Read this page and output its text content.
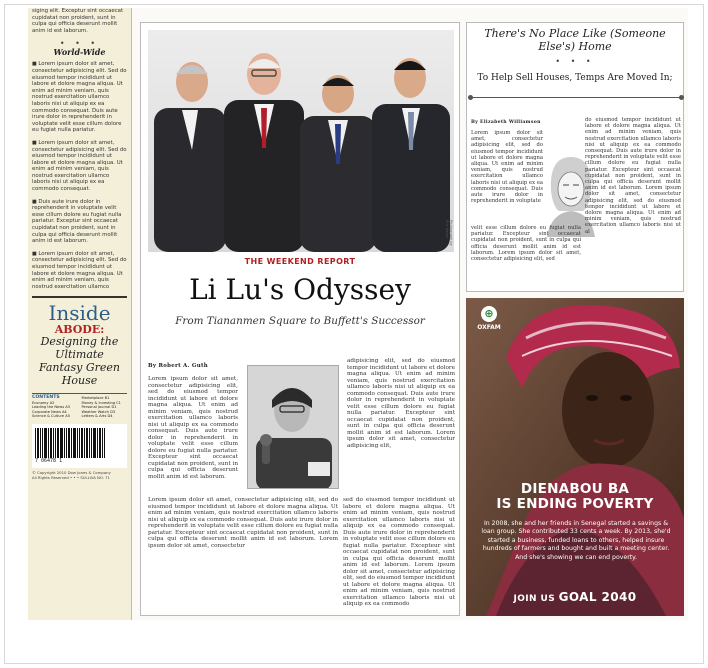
siging elit. Exceptur sint occaecat cupidatat non proident, sunt in culpa qui officia deserunt mollit anim id est laborum.
• • •
World-Wide
■ Lorem ipsum dolor sit amet, consectetur adipisicing elit. Sed do eiusmod tempor incididunt ut labore et dolore magna aliqua. Ut enim ad minim veniam, quis nostrud exercitation ullamco laboris nisi ut aliquip ex ea commodo consequat. Duis aute irure dolor in reprehenderit in voluptate velit esse cillum dolore eu fugiat nulla pariatur.
■ Lorem ipsum dolor sit amet, consectetur adipisicing elit. Sed do eiusmod tempor incididunt ut labore et dolore magna aliqua. Ut enim ad minim veniam, quis nostrud exercitation ullamco laboris nisi ut aliquip ex ea commodo consequat.
■ Duis aute irure dolor in reprehenderit in voluptate velit esse cillum dolore eu fugiat nulla pariatur. Exceptur sint occaecat cupidatat non proident, sunt in culpa qui officia deserunt mollit anim id est laborum.
■ Lorem ipsum dolor sit amet, consectetur adipisicing elit. Sed do eiusmod tempor incididunt ut labore et dolore magna aliqua. Ut enim ad minim veniam, quis nostrud exercitation ullamco
Inside
ABODE:
Designing the Ultimate Fantasy Green House
CONTENTS
Economy A2
Leading the News A3
Corporate News A4
Science & Culture A5
Marketplace B1
Money & Investing C1
Personal Journal D1
Weather Watch D3
Letters & Arts D4
7 06478 1
© Copyright 2010 Dow Jones & Company
All Rights Reserved • • • SULLIVA NO. 71
Photograph by Eric Kaiser
THE WEEKEND REPORT
Li Lu's Odyssey
From Tiananmen Square to Buffett's Successor
By Robert A. Guth
Lorem ipsum dolor sit amet, consectetur adipisicing elit, sed do eiusmod tempor incididunt ut labore et dolore magna aliqua. Ut enim ad minim veniam, quis nostrud exercitation ullamco laboris nisi ut aliquip ex ea commodo consequat. Duis aute irure dolor in reprehenderit in voluptate velit esse cillum dolore eu fugiat nulla pariatur. Excepteur sint occaecat cupidatat non proident, sunt in culpa qui officia deserunt mollit anim id est laborum.
adipisicing elit, sed do eiusmod tempor incididunt ut labore et dolore magna aliqua. Ut enim ad minim veniam, quis nostrud exercitation ullamco laboris nisi ut aliquip ex ea commodo consequat. Duis aute irure dolor in reprehenderit in voluptate velit esse cillum dolore eu fugiat nulla pariatur. Excepteur sint occaecat cupidatat non proident, sunt in culpa qui officia deserunt mollit anim id est laborum. Lorem ipsum dolor sit amet, consectetur adipisicing elit,
Lorem ipsum dolor sit amet, consectetur adipisicing elit, sed do eiusmod tempor incididunt ut labore et dolore magna aliqua. Ut enim ad minim veniam, quis nostrud exercitation ullamco laboris nisi ut aliquip ex ea commodo consequat. Duis aute irure dolor in reprehenderit in voluptate velit esse cillum dolore eu fugiat nulla pariatur. Excepteur sint occaecat cupidatat non proident, sunt in culpa qui officia deserunt mollit anim id est laborum. Lorem ipsum dolor sit amet, consectetur
sed do eiusmod tempor incididunt ut labore et dolore magna aliqua. Ut enim ad minim veniam, quis nostrud exercitation ullamco laboris nisi ut aliquip ex ea commodo consequat. Duis aute irure dolor in reprehenderit in voluptate velit esse cillum dolore eu fugiat nulla pariatur. Excepteur sint occaecat cupidatat non proident, sunt in culpa qui officia deserunt mollit anim id est laborum. Lorem ipsum dolor sit amet, consectetur adipisicing elit, sed do eiusmod tempor incididunt ut labore et dolore magna aliqua. Ut enim ad minim veniam, quis nostrud exercitation ullamco laboris nisi ut aliquip ex ea commodo
There's No Place Like (Someone Else's) Home
• • •
To Help Sell Houses, Temps Are Moved In;
By Elizabeth Williamson
Lorem ipsum dolor sit amet, consectetur adipisicing elit, sed do eiusmod tempor incididunt ut labore et dolore magna aliqua. Ut enim ad minim veniam, quis nostrud exercitation ullamco laboris nisi ut aliquip ex ea commodo consequat. Duis aute irure dolor in reprehenderit in voluptate
velit esse cillum dolore eu fugiat nulla pariatur. Excepteur sint occaecat cupidatat non proident, sunt in culpa qui officia deserunt mollit anim id est laborum. Lorem ipsum dolor sit amet, consectetur adipisicing elit, sed
do eiusmod tempor incididunt ut labore et dolore magna aliqua. Ut enim ad minim veniam, quis nostrud exercitation ullamco laboris nisi ut aliquip ex ea commodo consequat. Duis aute irure dolor in reprehenderit in voluptate velit esse cillum dolore eu fugiat nulla pariatur. Excepteur sint occaecat cupidatat non proident, sunt in culpa qui officia deserunt mollit anim id est laborum. Lorem ipsum dolor sit amet, consectetur adipisicing elit, sed do eiusmod tempor incididunt ut labore et dolore magna aliqua. Ut enim ad minim veniam, quis nostrud exercitation ullamco laboris nisi ut al
⊕
OXFAM
DIENABOU BA
IS ENDING POVERTY
In 2008, she and her friends in Senegal started a savings & loan group. She contributed 33 cents a week. By 2013, she'd started a business, funded loans to others, helped insure hundreds of farmers and bought and built a meeting center. And she's showing we can end poverty.
JOIN US GOAL 2040
